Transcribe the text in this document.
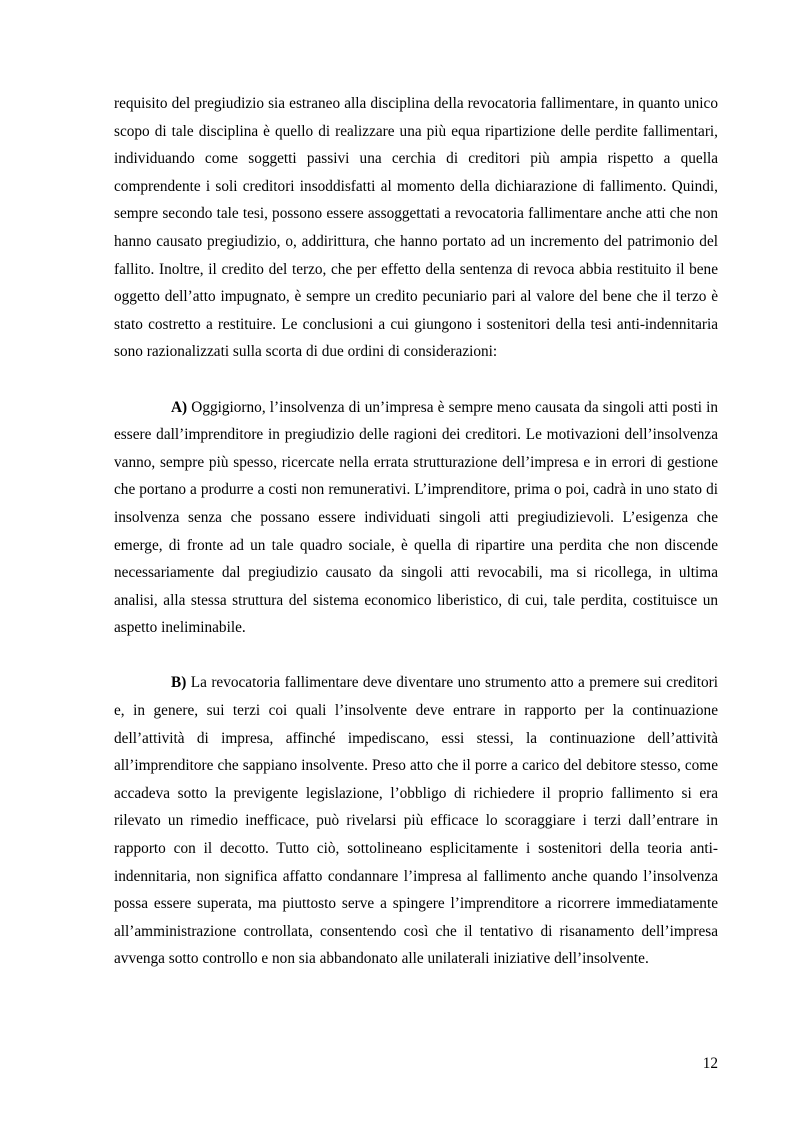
requisito del pregiudizio sia estraneo alla disciplina della revocatoria fallimentare, in quanto unico scopo di tale disciplina è quello di realizzare una più equa ripartizione delle perdite fallimentari, individuando come soggetti passivi una cerchia di creditori più ampia rispetto a quella comprendente i soli creditori insoddisfatti al momento della dichiarazione di fallimento. Quindi, sempre secondo tale tesi, possono essere assoggettati a revocatoria fallimentare anche atti che non hanno causato pregiudizio, o, addirittura, che hanno portato ad un incremento del patrimonio del fallito. Inoltre, il credito del terzo, che per effetto della sentenza di revoca abbia restituito il bene oggetto dell’atto impugnato, è sempre un credito pecuniario pari al valore del bene che il terzo è stato costretto a restituire. Le conclusioni a cui giungono i sostenitori della tesi anti-indennitaria sono razionalizzati sulla scorta di due ordini di considerazioni:

A) Oggigiorno, l’insolvenza di un’impresa è sempre meno causata da singoli atti posti in essere dall’imprenditore in pregiudizio delle ragioni dei creditori. Le motivazioni dell’insolvenza vanno, sempre più spesso, ricercate nella errata strutturazione dell’impresa e in errori di gestione che portano a produrre a costi non remunerativi. L’imprenditore, prima o poi, cadrà in uno stato di insolvenza senza che possano essere individuati singoli atti pregiudizievoli. L’esigenza che emerge, di fronte ad un tale quadro sociale, è quella di ripartire una perdita che non discende necessariamente dal pregiudizio causato da singoli atti revocabili, ma si ricollega, in ultima analisi, alla stessa struttura del sistema economico liberistico, di cui, tale perdita, costituisce un aspetto ineliminabile.

B) La revocatoria fallimentare deve diventare uno strumento atto a premere sui creditori e, in genere, sui terzi coi quali l’insolvente deve entrare in rapporto per la continuazione dell’attività di impresa, affinché impediscano, essi stessi, la continuazione dell’attività all’imprenditore che sappiano insolvente. Preso atto che il porre a carico del debitore stesso, come accadeva sotto la previgente legislazione, l’obbligo di richiedere il proprio fallimento si era rilevato un rimedio inefficace, può rivelarsi più efficace lo scoraggiare i terzi dall’entrare in rapporto con il decotto. Tutto ciò, sottolineano esplicitamente i sostenitori della teoria anti-indennitaria, non significa affatto condannare l’impresa al fallimento anche quando l’insolvenza possa essere superata, ma piuttosto serve a spingere l’imprenditore a ricorrere immediatamente all’amministrazione controllata, consentendo così che il tentativo di risanamento dell’impresa avvenga sotto controllo e non sia abbandonato alle unilaterali iniziative dell’insolvente.

12
